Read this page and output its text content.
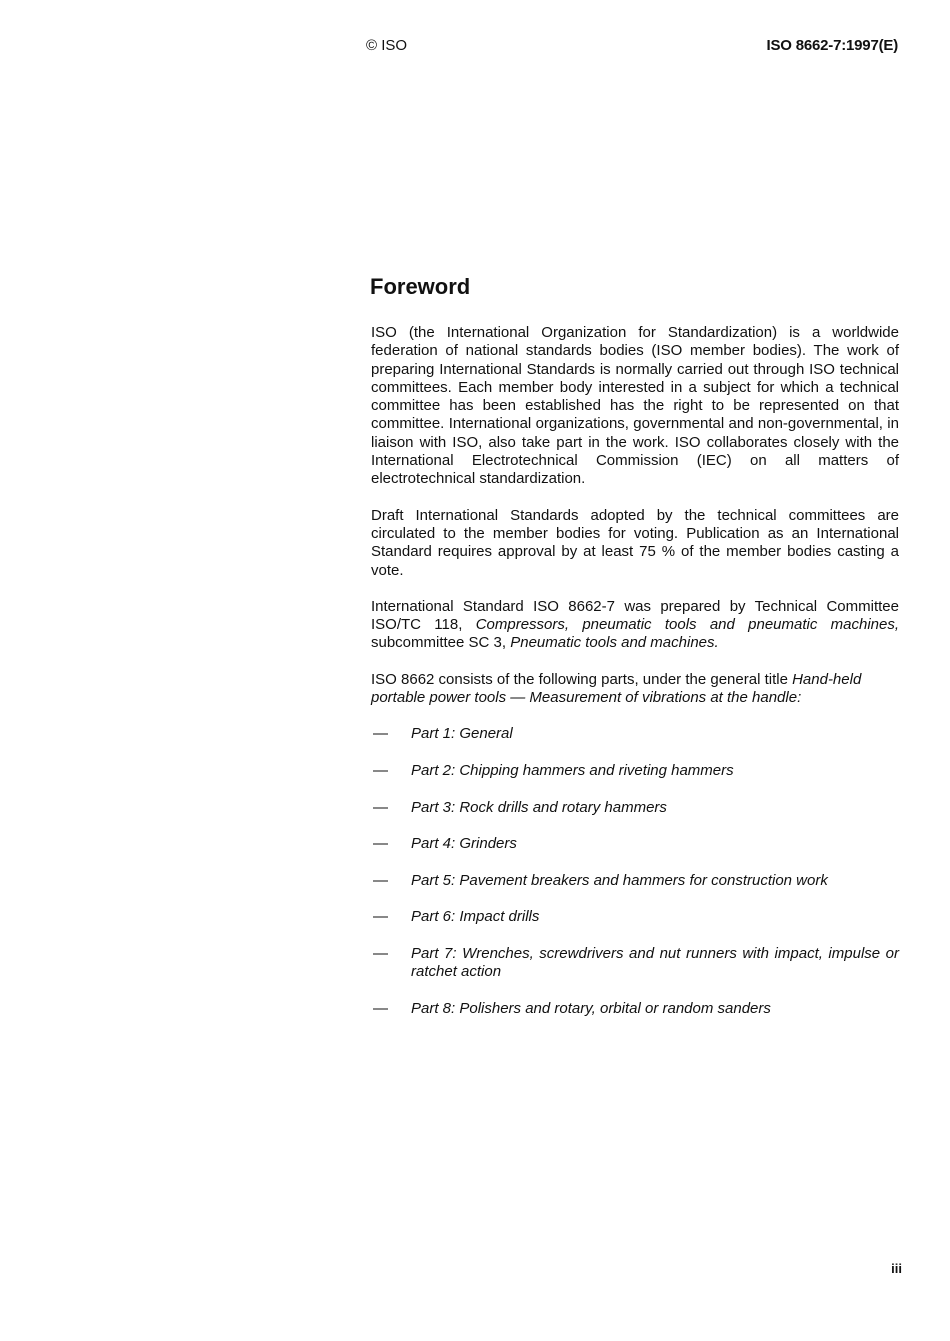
© ISO	ISO 8662-7:1997(E)
Foreword

ISO (the International Organization for Standardization) is a worldwide federation of national standards bodies (ISO member bodies). The work of preparing International Standards is normally carried out through ISO technical committees. Each member body interested in a subject for which a technical committee has been established has the right to be represented on that committee. International organizations, governmental and non-governmental, in liaison with ISO, also take part in the work. ISO collaborates closely with the International Electrotechnical Commission (IEC) on all matters of electrotechnical standardization.

Draft International Standards adopted by the technical committees are circulated to the member bodies for voting. Publication as an International Standard requires approval by at least 75 % of the member bodies casting a vote.

International Standard ISO 8662-7 was prepared by Technical Committee ISO/TC 118, Compressors, pneumatic tools and pneumatic machines, subcommittee SC 3, Pneumatic tools and machines.

ISO 8662 consists of the following parts, under the general title Hand-held portable power tools — Measurement of vibrations at the handle:

— Part 1: General
— Part 2: Chipping hammers and riveting hammers
— Part 3: Rock drills and rotary hammers
— Part 4: Grinders
— Part 5: Pavement breakers and hammers for construction work
— Part 6: Impact drills
— Part 7: Wrenches, screwdrivers and nut runners with impact, impulse or ratchet action
— Part 8: Polishers and rotary, orbital or random sanders
iii
